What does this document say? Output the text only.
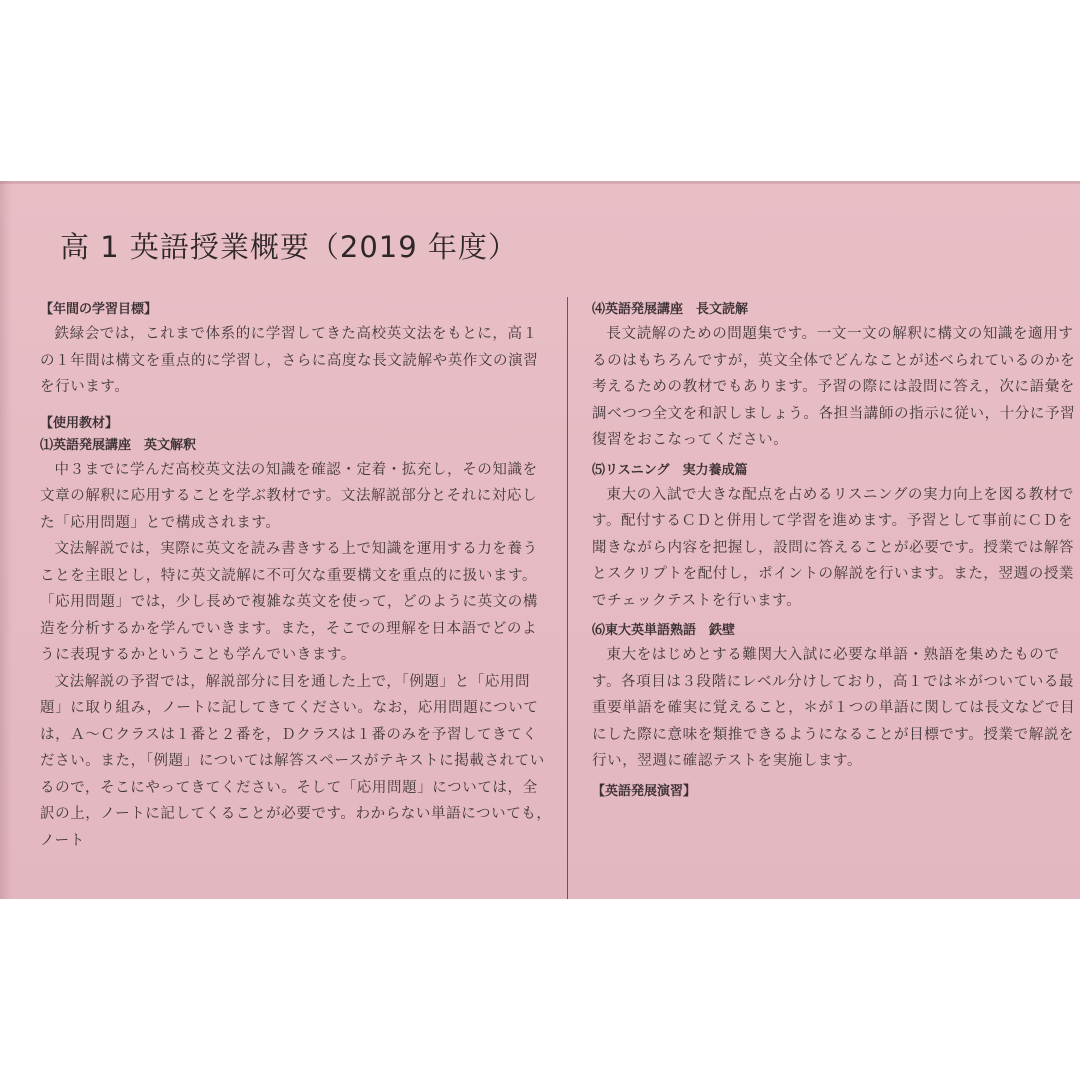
高 1 英語授業概要（2019 年度）
【年間の学習目標】

鉄緑会では，これまで体系的に学習してきた高校英文法をもとに，高１の１年間は構文を重点的に学習し，さらに高度な長文読解や英作文の演習を行います。

【使用教材】
⑴英語発展講座　英文解釈

中３までに学んだ高校英文法の知識を確認・定着・拡充し，その知識を文章の解釈に応用することを学ぶ教材です。文法解説部分とそれに対応した「応用問題」とで構成されます。

文法解説では，実際に英文を読み書きする上で知識を運用する力を養うことを主眼とし，特に英文読解に不可欠な重要構文を重点的に扱います。「応用問題」では，少し長めで複雑な英文を使って，どのように英文の構造を分析するかを学んでいきます。また，そこでの理解を日本語でどのように表現するかということも学んでいきます。

文法解説の予習では，解説部分に目を通した上で，「例題」と「応用問題」に取り組み，ノートに記してきてください。なお，応用問題については，Ａ～Ｃクラスは１番と２番を，Ｄクラスは１番のみを予習してきてください。また，「例題」については解答スペースがテキストに掲載されているので，そこにやってきてください。そして「応用問題」については，全訳の上，ノートに記してくることが必要です。わからない単語についても，ノート

⑷英語発展講座　長文読解

長文読解のための問題集です。一文一文の解釈に構文の知識を適用するのはもちろんですが，英文全体でどんなことが述べられているのかを考えるための教材でもあります。予習の際には設問に答え，次に語彙を調べつつ全文を和訳しましょう。各担当講師の指示に従い，十分に予習復習をおこなってください。

⑸リスニング　実力養成篇

東大の入試で大きな配点を占めるリスニングの実力向上を図る教材です。配付するＣＤと併用して学習を進めます。予習として事前にＣＤを聞きながら内容を把握し，設問に答えることが必要です。授業では解答とスクリプトを配付し，ポイントの解説を行います。また，翌週の授業でチェックテストを行います。

⑹東大英単語熟語　鉄壁

東大をはじめとする難関大入試に必要な単語・熟語を集めたものです。各項目は３段階にレベル分けしており，高１では＊がついている最重要単語を確実に覚えること，＊が１つの単語に関しては長文などで目にした際に意味を類推できるようになることが目標です。授業で解説を行い，翌週に確認テストを実施します。

【英語発展演習】
